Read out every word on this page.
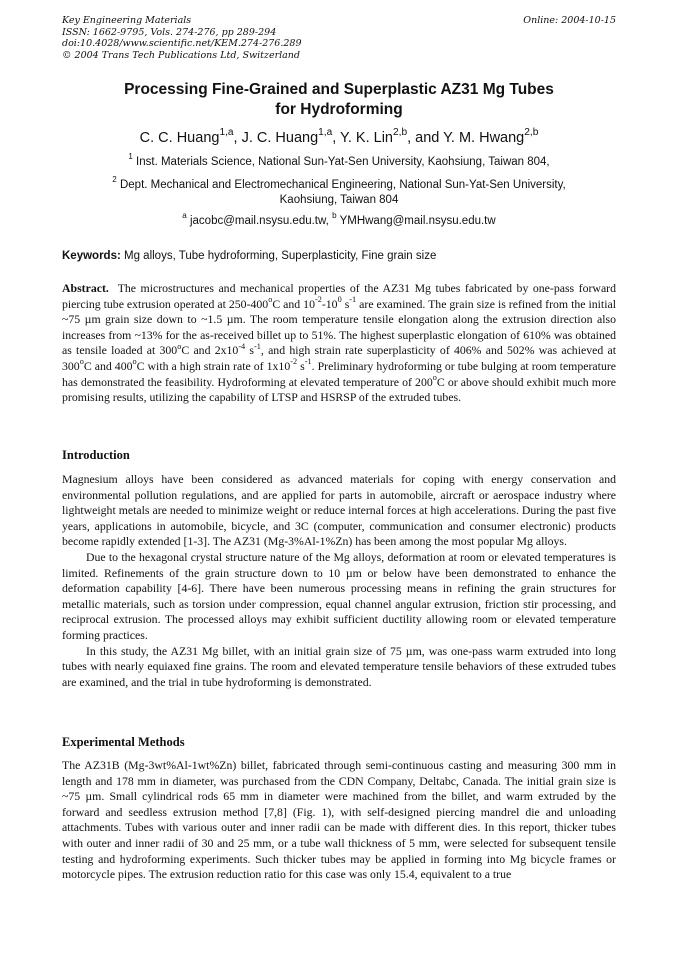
Key Engineering Materials
ISSN: 1662-9795, Vols. 274-276, pp 289-294
doi:10.4028/www.scientific.net/KEM.274-276.289
© 2004 Trans Tech Publications Ltd, Switzerland
Online: 2004-10-15
Processing Fine-Grained and Superplastic AZ31 Mg Tubes
for Hydroforming
C. C. Huang$^{1,a}$, J. C. Huang$^{1,a}$, Y. K. Lin$^{2,b}$, and Y. M. Hwang$^{2,b}$
$^1$ Inst. Materials Science, National Sun-Yat-Sen University, Kaohsiung, Taiwan 804,
$^2$ Dept. Mechanical and Electromechanical Engineering, National Sun-Yat-Sen University,
Kaohsiung, Taiwan 804
$^a$ jacobc@mail.nsysu.edu.tw, $^b$ YMHwang@mail.nsysu.edu.tw
Keywords: Mg alloys, Tube hydroforming, Superplasticity, Fine grain size
Abstract. The microstructures and mechanical properties of the AZ31 Mg tubes fabricated by one-pass forward piercing tube extrusion operated at 250-400$^o$C and $10^{-2}-10^0$ $s^{-1}$ are examined. The grain size is refined from the initial ~75 µm grain size down to ~1.5 µm. The room temperature tensile elongation along the extrusion direction also increases from ~13% for the as-received billet up to 51%. The highest superplastic elongation of 610% was obtained as tensile loaded at 300$^o$C and $2x10^{-4}$ $s^{-1}$, and high strain rate superplasticity of 406% and 502% was achieved at 300$^o$C and 400$^o$C with a high strain rate of $1x10^{-2}$ $s^{-1}$. Preliminary hydroforming or tube bulging at room temperature has demonstrated the feasibility. Hydroforming at elevated temperature of 200$^o$C or above should exhibit much more promising results, utilizing the capability of LTSP and HSRSP of the extruded tubes.
Introduction

Magnesium alloys have been considered as advanced materials for coping with energy conservation and environmental pollution regulations, and are applied for parts in automobile, aircraft or aerospace industry where lightweight metals are needed to minimize weight or reduce internal forces at high accelerations. During the past five years, applications in automobile, bicycle, and 3C (computer, communication and consumer electronic) products become rapidly extended [1-3]. The AZ31 (Mg-3%Al-1%Zn) has been among the most popular Mg alloys.

Due to the hexagonal crystal structure nature of the Mg alloys, deformation at room or elevated temperatures is limited. Refinements of the grain structure down to 10 µm or below have been demonstrated to enhance the deformation capability [4-6]. There have been numerous processing means in refining the grain structures for metallic materials, such as torsion under compression, equal channel angular extrusion, friction stir processing, and reciprocal extrusion. The processed alloys may exhibit sufficient ductility allowing room or elevated temperature forming practices.

In this study, the AZ31 Mg billet, with an initial grain size of 75 µm, was one-pass warm extruded into long tubes with nearly equiaxed fine grains. The room and elevated temperature tensile behaviors of these extruded tubes are examined, and the trial in tube hydroforming is demonstrated.

Experimental Methods

The AZ31B (Mg-3wt%Al-1wt%Zn) billet, fabricated through semi-continuous casting and measuring 300 mm in length and 178 mm in diameter, was purchased from the CDN Company, Deltabc, Canada. The initial grain size is ~75 µm. Small cylindrical rods 65 mm in diameter were machined from the billet, and warm extruded by the forward and seedless extrusion method [7,8] (Fig. 1), with self-designed piercing mandrel die and unloading attachments. Tubes with various outer and inner radii can be made with different dies. In this report, thicker tubes with outer and inner radii of 30 and 25 mm, or a tube wall thickness of 5 mm, were selected for subsequent tensile testing and hydroforming experiments. Such thicker tubes may be applied in forming into Mg bicycle frames or motorcycle pipes. The extrusion reduction ratio for this case was only 15.4, equivalent to a true
